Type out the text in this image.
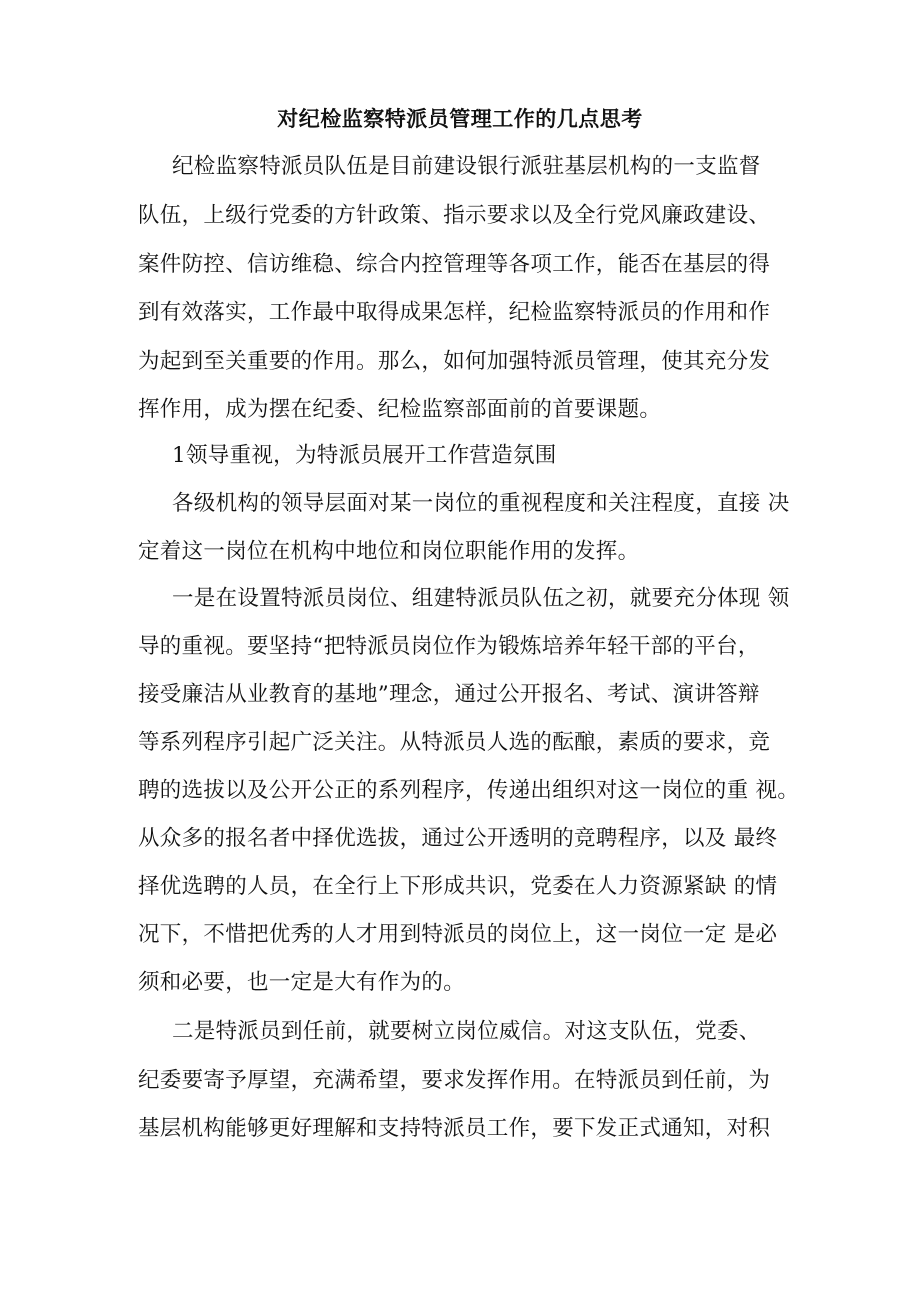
对纪检监察特派员管理工作的几点思考
纪检监察特派员队伍是目前建设银行派驻基层机构的一支监督
队伍，上级行党委的方针政策、指示要求以及全行党风廉政建设、
案件防控、信访维稳、综合内控管理等各项工作，能否在基层的得
到有效落实，工作最中取得成果怎样，纪检监察特派员的作用和作
为起到至关重要的作用。那么，如何加强特派员管理，使其充分发
挥作用，成为摆在纪委、纪检监察部面前的首要课题。
1领导重视，为特派员展开工作营造氛围
各级机构的领导层面对某一岗位的重视程度和关注程度，直接 决
定着这一岗位在机构中地位和岗位职能作用的发挥。
一是在设置特派员岗位、组建特派员队伍之初，就要充分体现 领
导的重视。要坚持“把特派员岗位作为锻炼培养年轻干部的平台，
接受廉洁从业教育的基地”理念，通过公开报名、考试、演讲答辩
等系列程序引起广泛关注。从特派员人选的酝酿，素质的要求，竞
聘的选拔以及公开公正的系列程序，传递出组织对这一岗位的重 视。
从众多的报名者中择优选拔，通过公开透明的竞聘程序，以及 最终
择优选聘的人员，在全行上下形成共识，党委在人力资源紧缺 的情
况下，不惜把优秀的人才用到特派员的岗位上，这一岗位一定 是必
须和必要，也一定是大有作为的。
二是特派员到任前，就要树立岗位威信。对这支队伍，党委、
纪委要寄予厚望，充满希望，要求发挥作用。在特派员到任前，为
基层机构能够更好理解和支持特派员工作，要下发正式通知，对积
